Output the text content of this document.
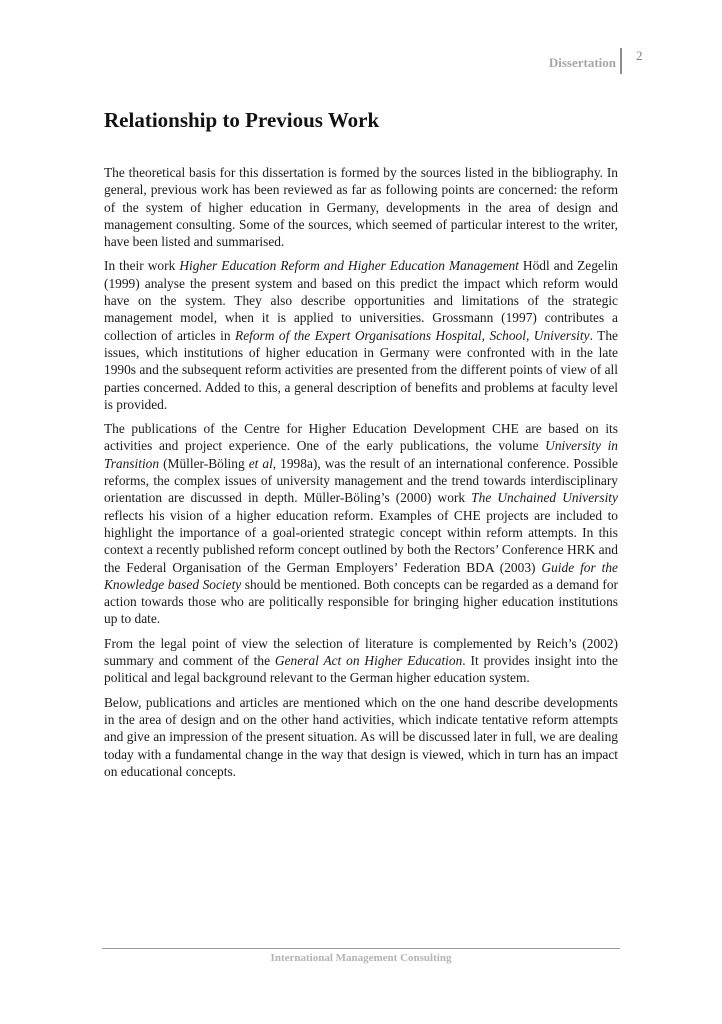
Dissertation	2
Relationship to Previous Work

The theoretical basis for this dissertation is formed by the sources listed in the bibliography. In general, previous work has been reviewed as far as following points are concerned: the reform of the system of higher education in Germany, developments in the area of design and management consulting. Some of the sources, which seemed of particular interest to the writer, have been listed and summarised.

In their work Higher Education Reform and Higher Education Management Hödl and Zegelin (1999) analyse the present system and based on this predict the impact which reform would have on the system. They also describe opportunities and limitations of the strategic management model, when it is applied to universities. Grossmann (1997) contributes a collection of articles in Reform of the Expert Organisations Hospital, School, University. The issues, which institutions of higher education in Germany were confronted with in the late 1990s and the subsequent reform activities are presented from the different points of view of all parties concerned. Added to this, a general description of benefits and problems at faculty level is provided.

The publications of the Centre for Higher Education Development CHE are based on its activities and project experience. One of the early publications, the volume University in Transition (Müller-Böling et al, 1998a), was the result of an international conference. Possible reforms, the complex issues of university management and the trend towards interdisciplinary orientation are discussed in depth. Müller-Böling’s (2000) work The Unchained University reflects his vision of a higher education reform. Examples of CHE projects are included to highlight the importance of a goal-oriented strategic concept within reform attempts. In this context a recently published reform concept outlined by both the Rectors’ Conference HRK and the Federal Organisation of the German Employers’ Federation BDA (2003) Guide for the Knowledge based Society should be mentioned. Both concepts can be regarded as a demand for action towards those who are politically responsible for bringing higher education institutions up to date.

From the legal point of view the selection of literature is complemented by Reich’s (2002) summary and comment of the General Act on Higher Education. It provides insight into the political and legal background relevant to the German higher education system.

Below, publications and articles are mentioned which on the one hand describe developments in the area of design and on the other hand activities, which indicate tentative reform attempts and give an impression of the present situation. As will be discussed later in full, we are dealing today with a fundamental change in the way that design is viewed, which in turn has an impact on educational concepts.

International Management Consulting
